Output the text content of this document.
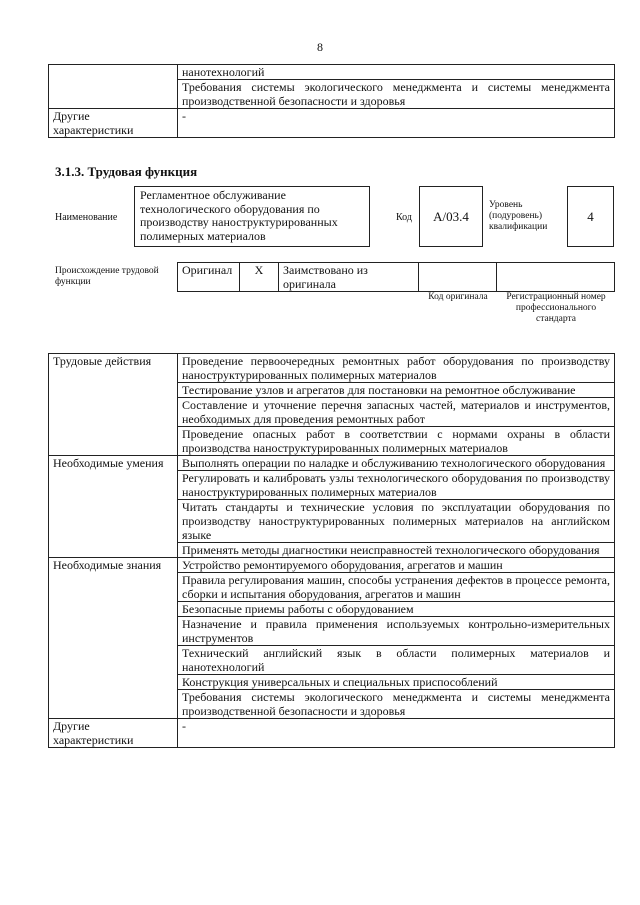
8
	нанотехнологий
	Требования системы экологического менеджмента и системы менеджмента производственной безопасности и здоровья
Другие характеристики	-
3.1.3. Трудовая функция
Наименование
Регламентное обслуживание технологического оборудования по производству наноструктурированных полимерных материалов
Код	А/03.4
Уровень (подуровень) квалификации
4
Происхождение трудовой функции
Оригинал	X	Заимствовано из оригинала		
Код оригинала	Регистрационный номер профессионального стандарта
Трудовые действия	Проведение первоочередных ремонтных работ оборудования по производству наноструктурированных полимерных материалов
	Тестирование узлов и агрегатов для постановки на ремонтное обслуживание
	Составление и уточнение перечня запасных частей, материалов и инструментов, необходимых для проведения ремонтных работ
	Проведение опасных работ в соответствии с нормами охраны в области производства наноструктурированных полимерных материалов
Необходимые умения	Выполнять операции по наладке и обслуживанию технологического оборудования
	Регулировать и калибровать узлы технологического оборудования по производству наноструктурированных полимерных материалов
	Читать стандарты и технические условия по эксплуатации оборудования по производству наноструктурированных полимерных материалов на английском языке
	Применять методы диагностики неисправностей технологического оборудования
Необходимые знания	Устройство ремонтируемого оборудования, агрегатов и машин
	Правила регулирования машин, способы устранения дефектов в процессе ремонта, сборки и испытания оборудования, агрегатов и машин
	Безопасные приемы работы с оборудованием
	Назначение и правила применения используемых контрольно-измерительных инструментов
	Технический английский язык в области полимерных материалов и нанотехнологий
	Конструкция универсальных и специальных приспособлений
	Требования системы экологического менеджмента и системы менеджмента производственной безопасности и здоровья
Другие характеристики	-
